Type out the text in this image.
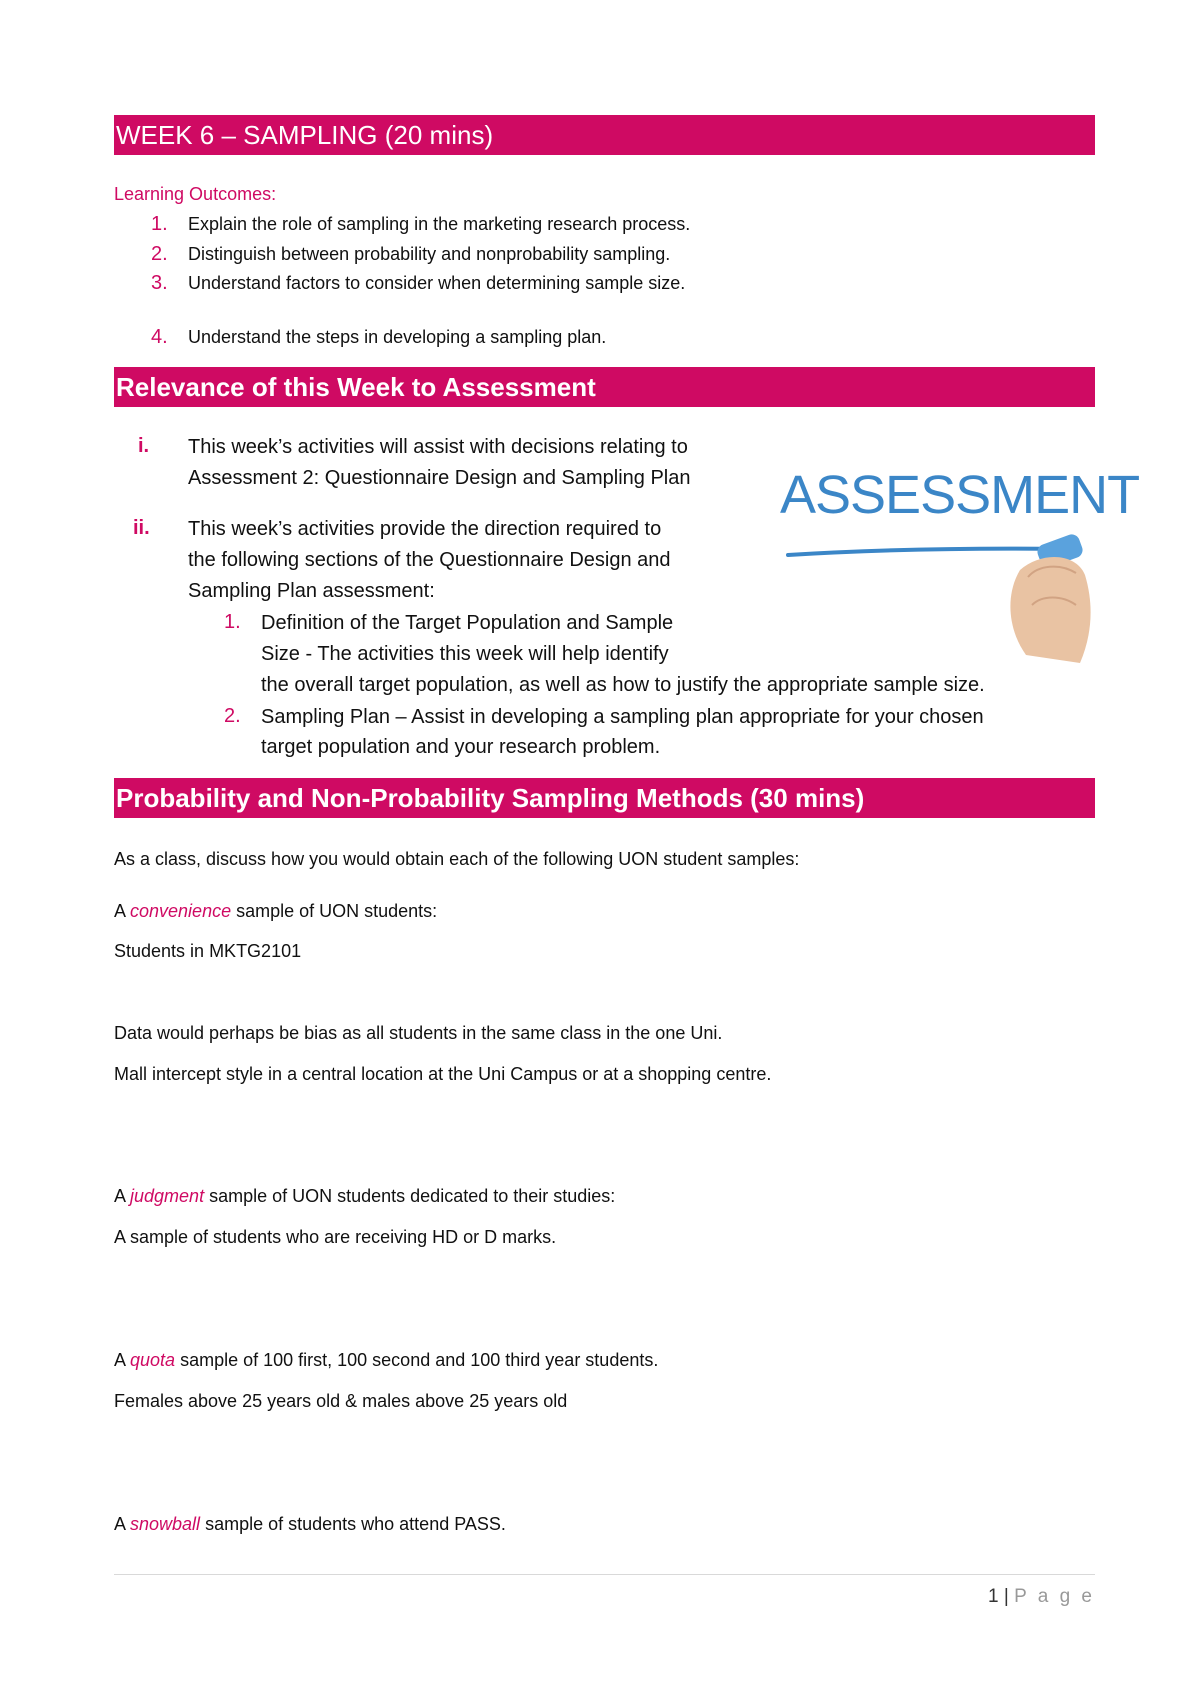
WEEK 6 – SAMPLING (20 mins)
Learning Outcomes:
1. Explain the role of sampling in the marketing research process.
2. Distinguish between probability and nonprobability sampling.
3. Understand factors to consider when determining sample size.
4. Understand the steps in developing a sampling plan.
Relevance of this Week to Assessment
i. This week’s activities will assist with decisions relating to
Assessment 2: Questionnaire Design and Sampling Plan
ii. This week’s activities provide the direction required to
the following sections of the Questionnaire Design and
Sampling Plan assessment:
1. Definition of the Target Population and Sample
Size - The activities this week will help identify
the overall target population, as well as how to justify the appropriate sample size.
2. Sampling Plan – Assist in developing a sampling plan appropriate for your chosen
target population and your research problem.
ASSESSMENT
Probability and Non-Probability Sampling Methods (30 mins)
As a class, discuss how you would obtain each of the following UON student samples:
A convenience sample of UON students:
Students in MKTG2101
Data would perhaps be bias as all students in the same class in the one Uni.
Mall intercept style in a central location at the Uni Campus or at a shopping centre.
A judgment sample of UON students dedicated to their studies:
A sample of students who are receiving HD or D marks.
A quota sample of 100 first, 100 second and 100 third year students.
Females above 25 years old & males above 25 years old
A snowball sample of students who attend PASS.
1 | P a g e
